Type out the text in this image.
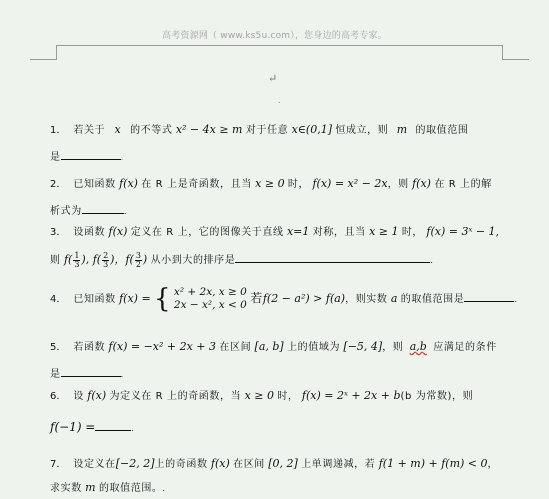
高考资源网（ www.ks5u.com），您身边的高考专家。
↵
.
1. 若关于 x 的不等式 x² − 4x ≥ m 对于任意 x∈(0,1] 恒成立，则 m 的取值范围
是	.
2. 已知函数 f(x) 在 R 上是奇函数，且当 x ≥ 0 时， f(x) = x² − 2x，则 f(x) 在 R 上的解
析式为	.
3. 设函数 f(x) 定义在 R 上，它的图像关于直线 x=1 对称，且当 x ≥ 1 时， f(x) = 3ˣ − 1,
则 $f( \frac{1}{3}$ ), $f( \frac{2}{3}$ )，$f( \frac{3}{2}$ ) 从小到大的排序是	.
4. 已知函数 f(x) = { x² + 2x, x ≥ 0
2x − x², x < 0 若f(2 − a²) > f(a)，则实数 a 的取值范围是	.
5. 若函数 f(x) = −x² + 2x + 3 在区间 [a, b] 上的值域为 [−5, 4]，则 a,b 应满足的条件
是	.
6. 设 f(x) 为定义在 R 上的奇函数，当 x ≥ 0 时， f(x) = 2ˣ + 2x + b(b 为常数)，则
f(−1) =	.
7. 设定义在[−2, 2]上的奇函数 f(x) 在区间 [0, 2] 上单调递减，若 f(1 + m) + f(m) < 0，
求实数 m 的取值范围。.
